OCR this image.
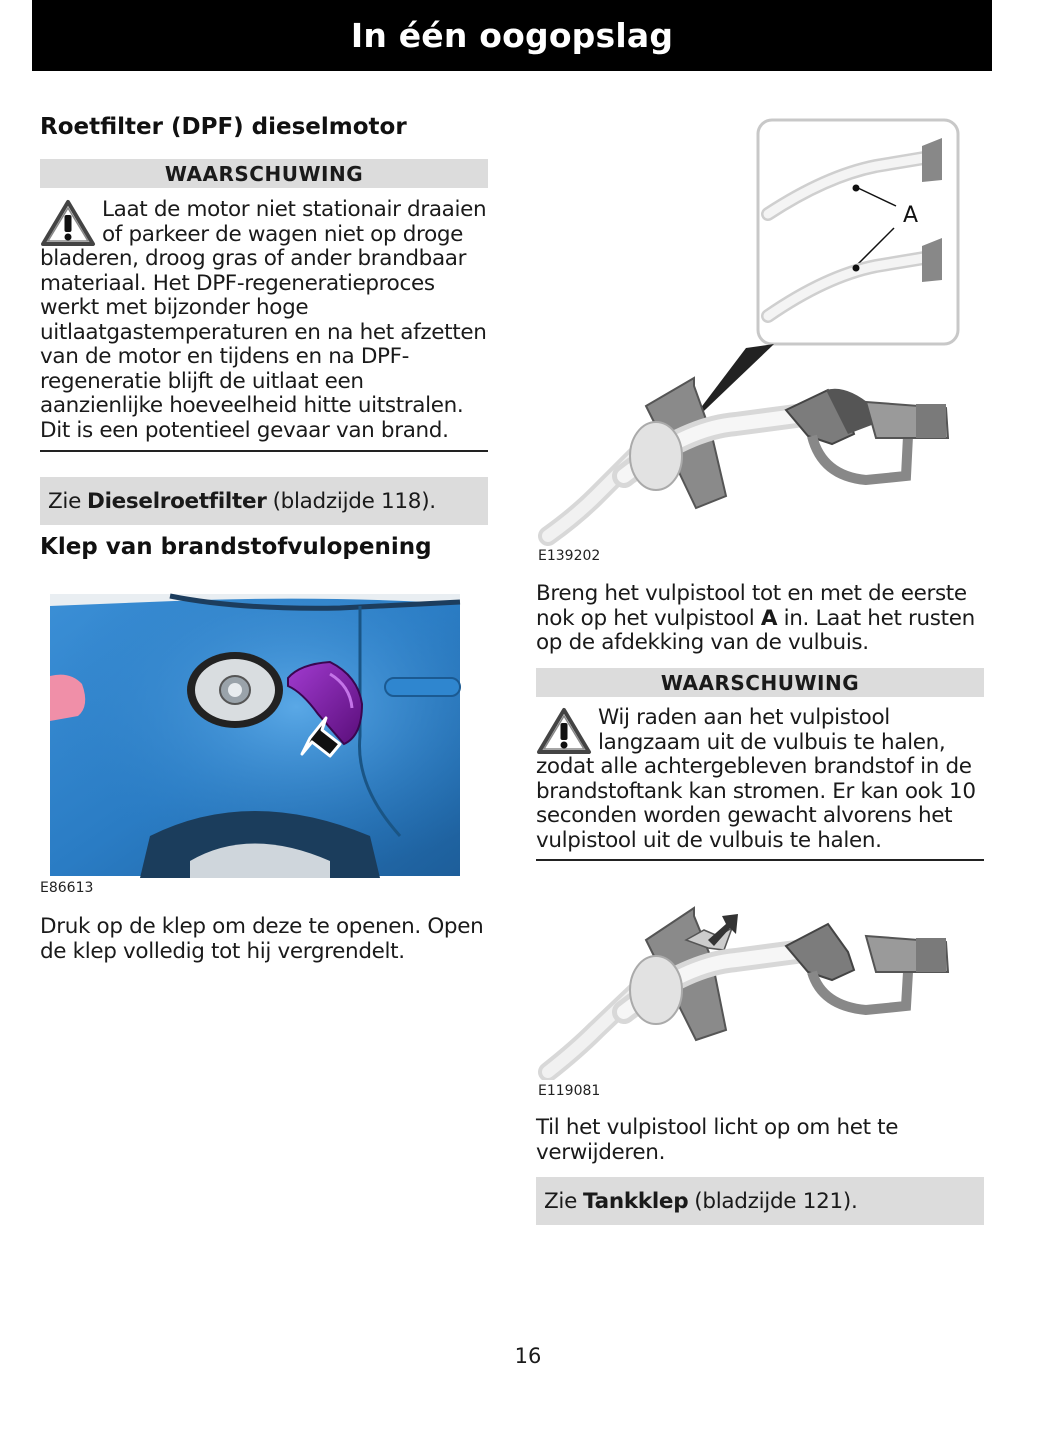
In één oogopslag
Roetfilter (DPF) dieselmotor
WAARSCHUWING
Laat de motor niet stationair draaien of parkeer de wagen niet op droge bladeren, droog gras of ander brandbaar materiaal. Het DPF-regeneratieproces werkt met bijzonder hoge uitlaatgastemperaturen en na het afzetten van de motor en tijdens en na DPF-regeneratie blijft de uitlaat een aanzienlijke hoeveelheid hitte uitstralen. Dit is een potentieel gevaar van brand.
Zie Dieselroetfilter (bladzijde 118).
Klep van brandstofvulopening
E86613
Druk op de klep om deze te openen. Open de klep volledig tot hij vergrendelt.
A
E139202
Breng het vulpistool tot en met de eerste nok op het vulpistool A in. Laat het rusten op de afdekking van de vulbuis.
WAARSCHUWING
Wij raden aan het vulpistool langzaam uit de vulbuis te halen, zodat alle achtergebleven brandstof in de brandstoftank kan stromen. Er kan ook 10 seconden worden gewacht alvorens het vulpistool uit de vulbuis te halen.
E119081
Til het vulpistool licht op om het te verwijderen.
Zie Tankklep (bladzijde 121).
16
